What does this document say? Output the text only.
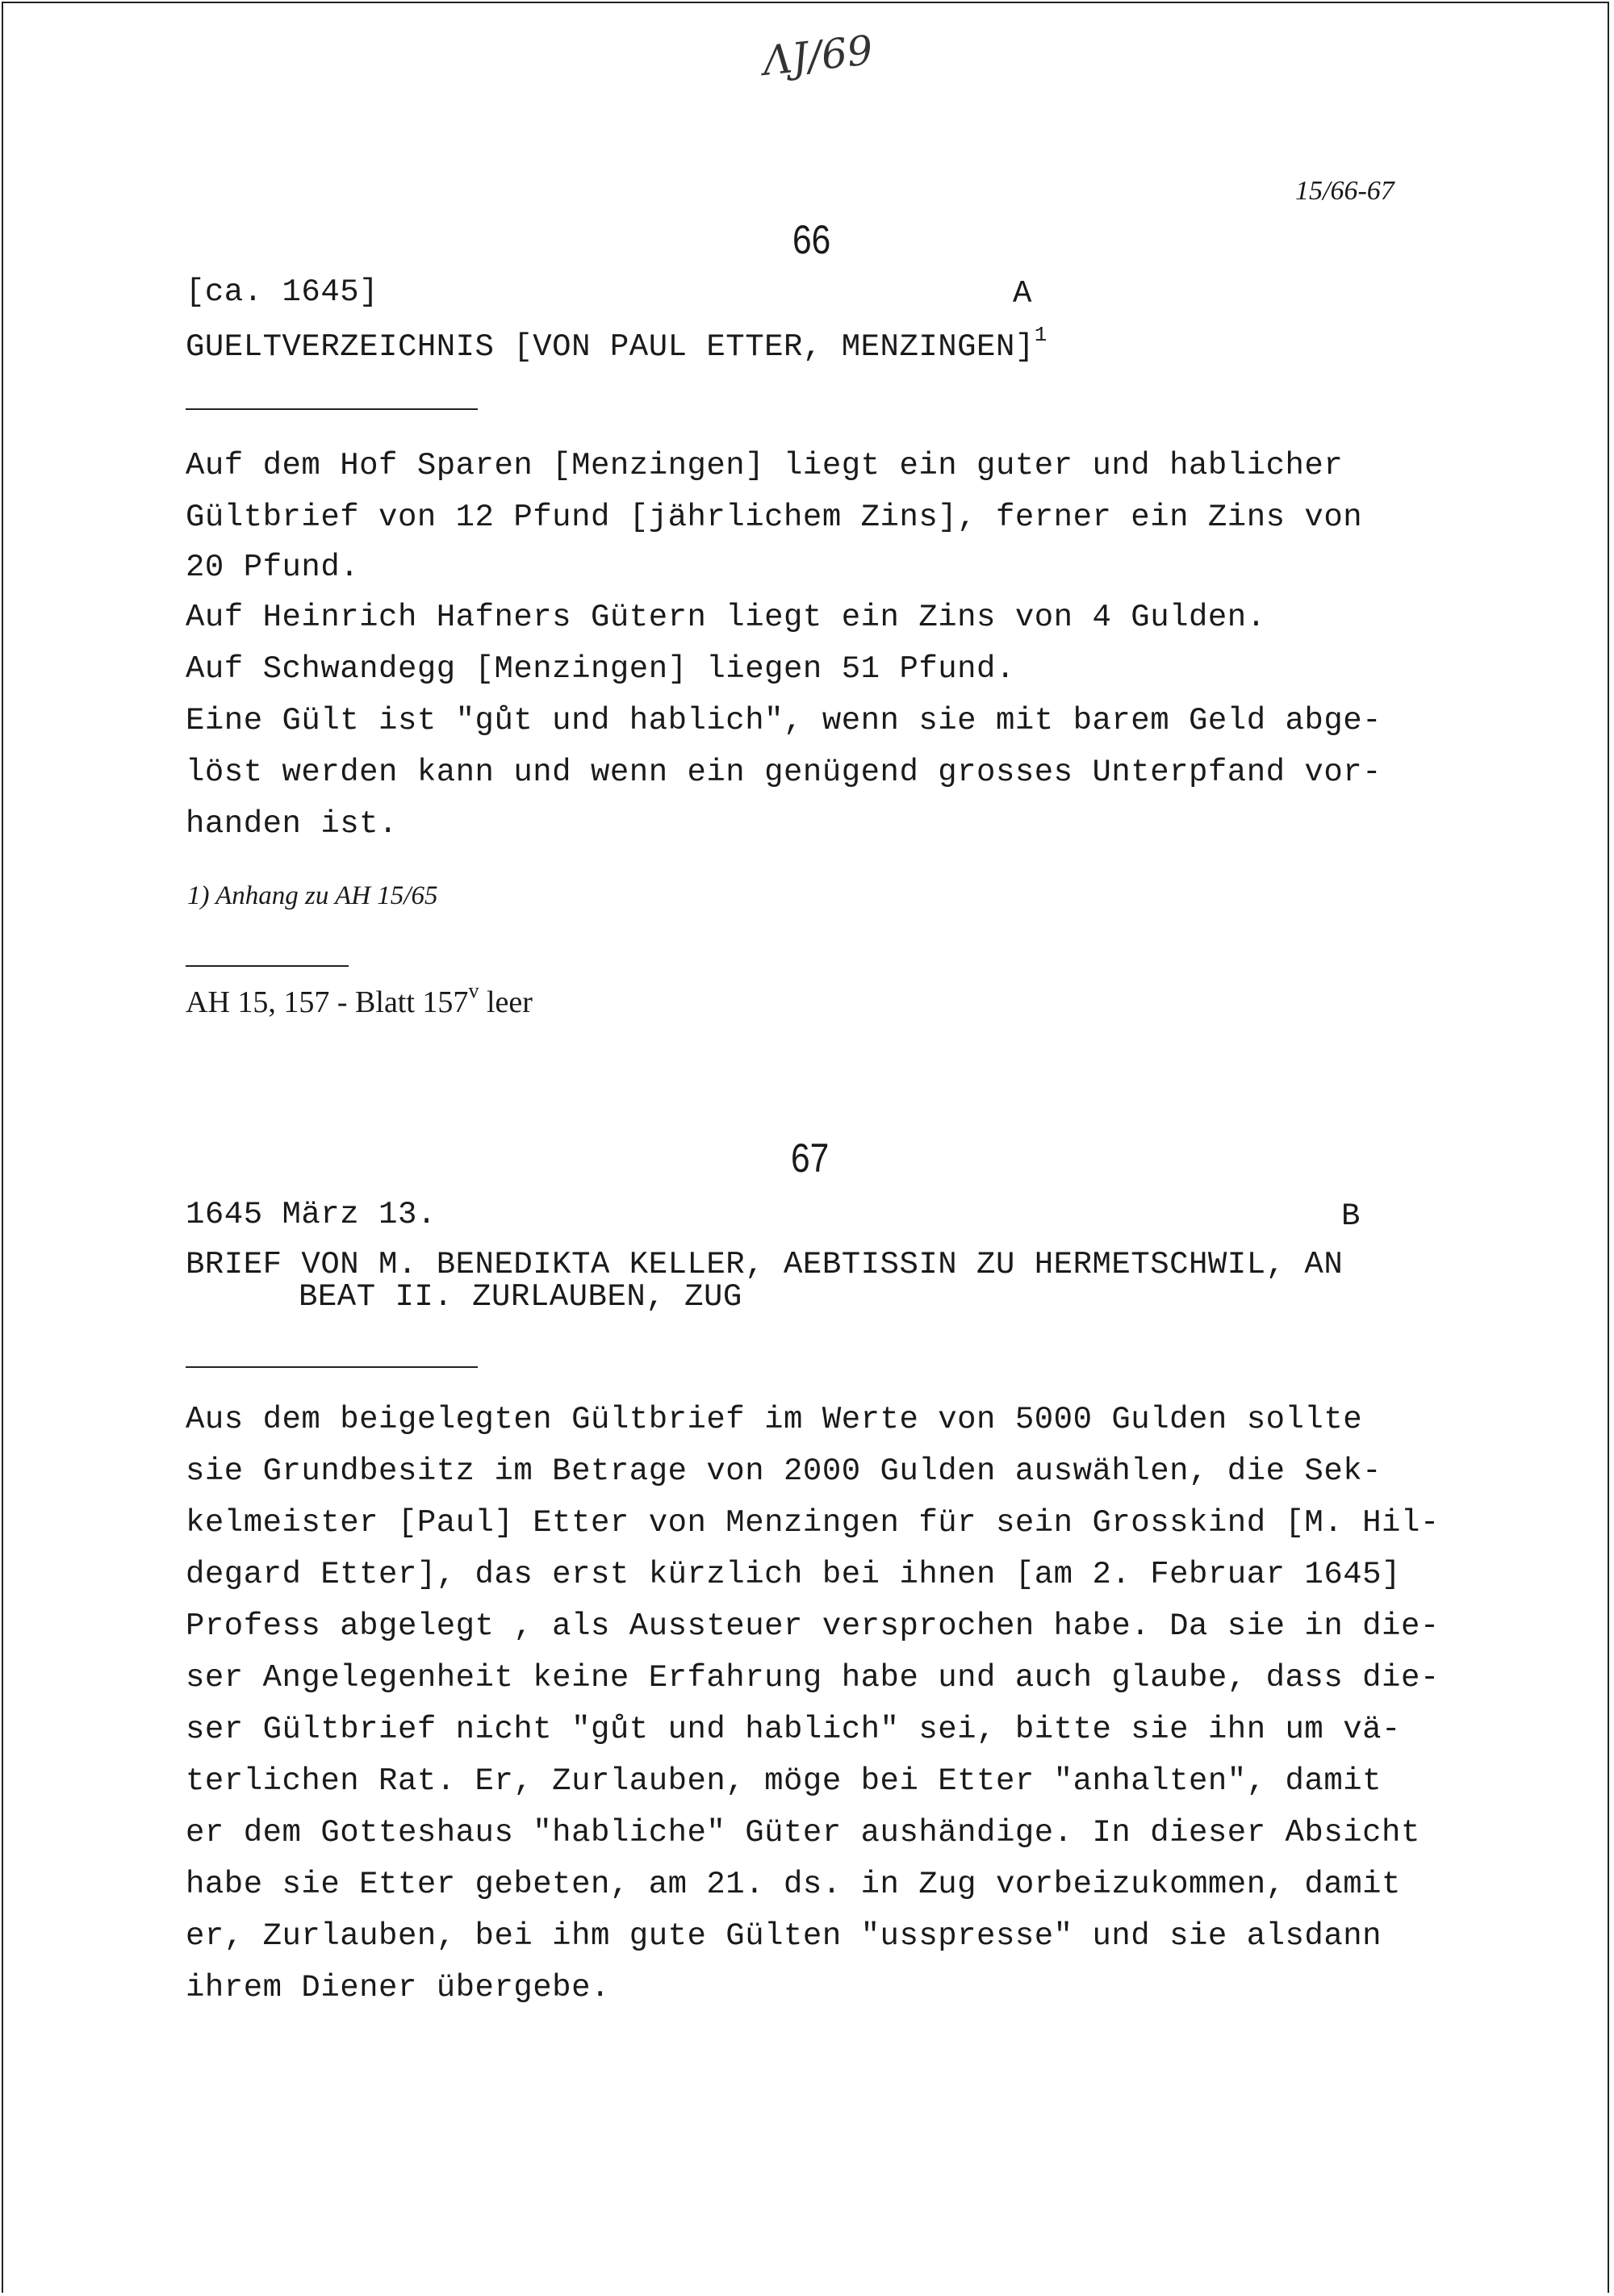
ɅJ/69
15/66-67
66
[ca. 1645]	A
GUELTVERZEICHNIS [VON PAUL ETTER, MENZINGEN]$^1$
Auf dem Hof Sparen [Menzingen] liegt ein guter und hablicher
Gültbrief von 12 Pfund [jährlichem Zins], ferner ein Zins von
20 Pfund.
Auf Heinrich Hafners Gütern liegt ein Zins von 4 Gulden.
Auf Schwandegg [Menzingen] liegen 51 Pfund.
Eine Gült ist "gůt und hablich", wenn sie mit barem Geld abge-
löst werden kann und wenn ein genügend grosses Unterpfand vor-
handen ist.
1) Anhang zu AH 15/65
AH 15, 157 - Blatt 157$^v$ leer
67
1645 März 13.	B
BRIEF VON M. BENEDIKTA KELLER, AEBTISSIN ZU HERMETSCHWIL, AN
BEAT II. ZURLAUBEN, ZUG
Aus dem beigelegten Gültbrief im Werte von 5000 Gulden sollte
sie Grundbesitz im Betrage von 2000 Gulden auswählen, die Sek-
kelmeister [Paul] Etter von Menzingen für sein Grosskind [M. Hil-
degard Etter], das erst kürzlich bei ihnen [am 2. Februar 1645]
Profess abgelegt , als Aussteuer versprochen habe. Da sie in die-
ser Angelegenheit keine Erfahrung habe und auch glaube, dass die-
ser Gültbrief nicht "gůt und hablich" sei, bitte sie ihn um vä-
terlichen Rat. Er, Zurlauben, möge bei Etter "anhalten", damit
er dem Gotteshaus "habliche" Güter aushändige. In dieser Absicht
habe sie Etter gebeten, am 21. ds. in Zug vorbeizukommen, damit
er, Zurlauben, bei ihm gute Gülten "usspresse" und sie alsdann
ihrem Diener übergebe.
